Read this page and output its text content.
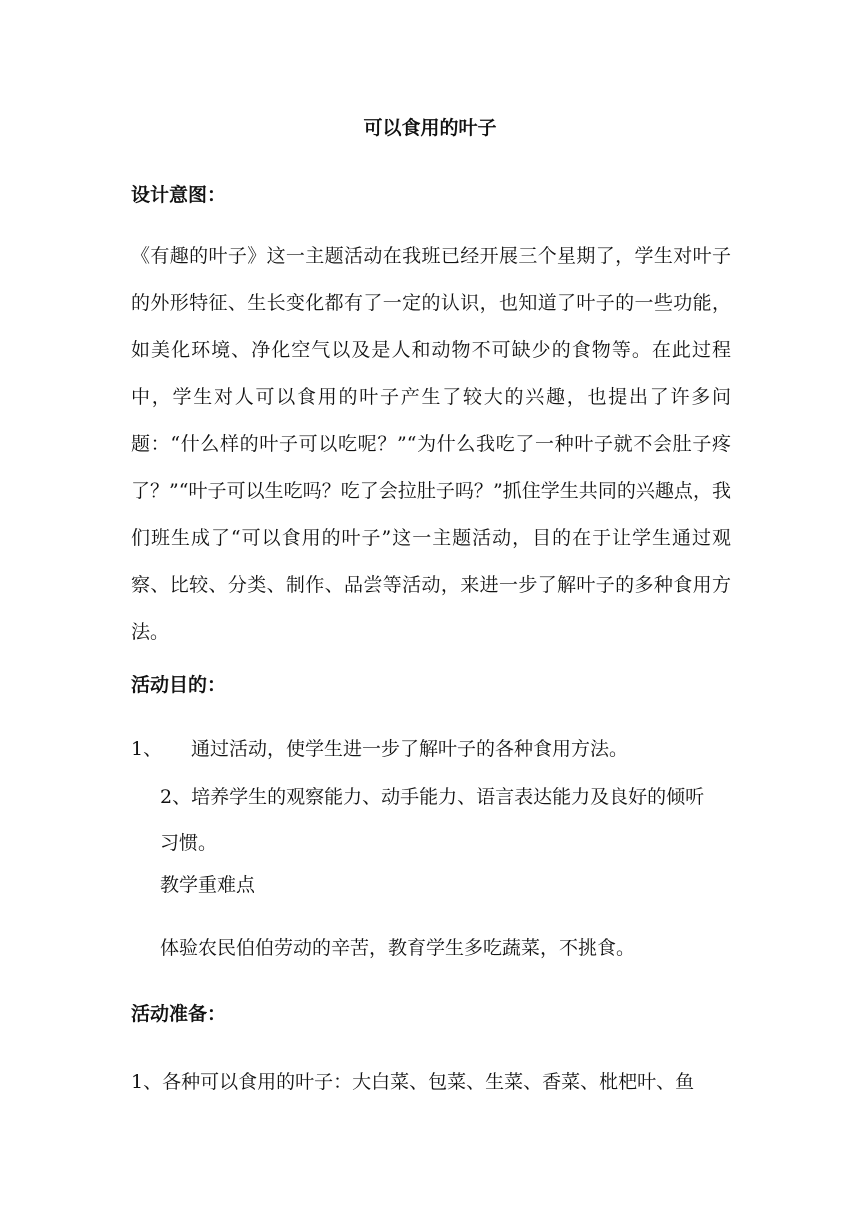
可以食用的叶子
设计意图：

《有趣的叶子》这一主题活动在我班已经开展三个星期了，学生对叶子的外形特征、生长变化都有了一定的认识，也知道了叶子的一些功能，如美化环境、净化空气以及是人和动物不可缺少的食物等。在此过程中，学生对人可以食用的叶子产生了较大的兴趣，也提出了许多问题：“什么样的叶子可以吃呢？”“为什么我吃了一种叶子就不会肚子疼了？”“叶子可以生吃吗？吃了会拉肚子吗？”抓住学生共同的兴趣点，我们班生成了“可以食用的叶子”这一主题活动，目的在于让学生通过观察、比较、分类、制作、品尝等活动，来进一步了解叶子的多种食用方法。

活动目的：
1、 通过活动，使学生进一步了解叶子的各种食用方法。
2、培养学生的观察能力、动手能力、语言表达能力及良好的倾听
习惯。
教学重难点
体验农民伯伯劳动的辛苦，教育学生多吃蔬菜，不挑食。
活动准备：
1、各种可以食用的叶子：大白菜、包菜、生菜、香菜、枇杷叶、鱼
